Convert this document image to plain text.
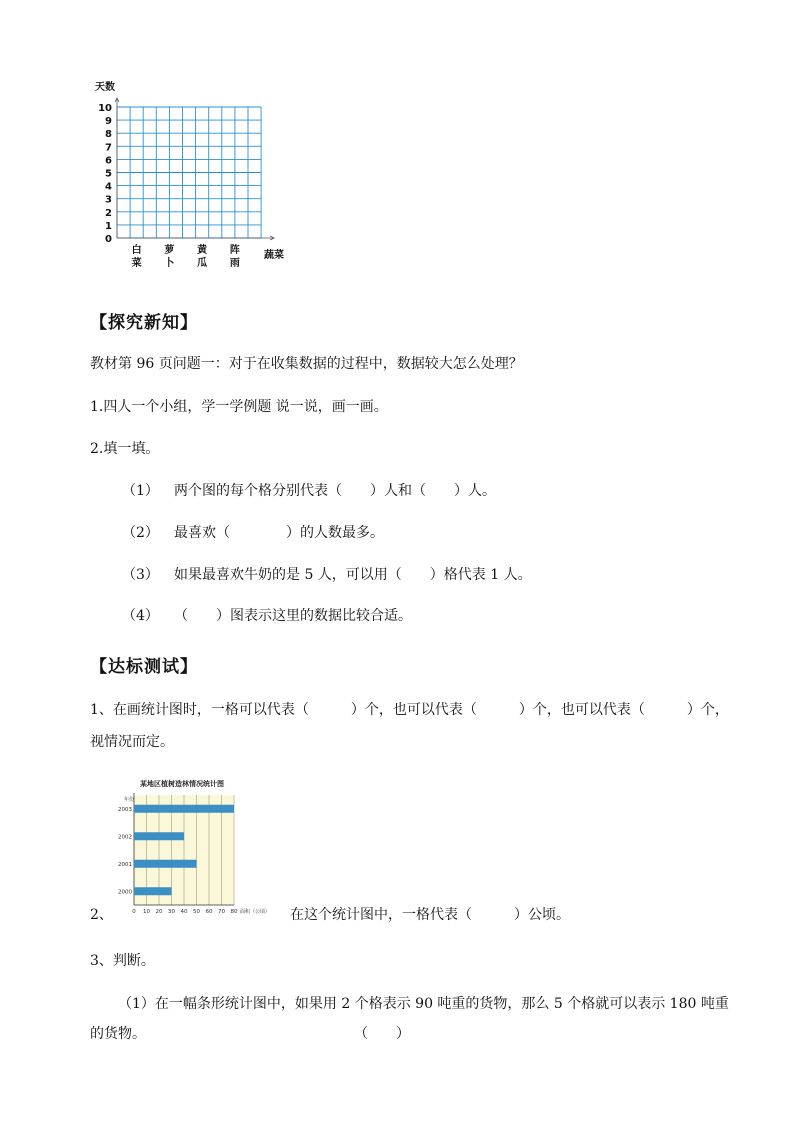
天数
0
1
2
3
4
5
6
7
8
9
10
白
菜
萝
卜
黄
瓜
阵
雨
蔬菜
【探究新知】
教材第 96 页问题一：对于在收集数据的过程中，数据较大怎么处理？
1.四人一个小组，学一学例题 说一说，画一画。
2.填一填。
（1） 两个图的每个格分别代表（　　）人和（　　）人。
（2） 最喜欢（　　　　）的人数最多。
（3） 如果最喜欢牛奶的是 5 人，可以用（　　）格代表 1 人。
（4） （　　）图表示这里的数据比较合适。
【达标测试】
1、在画统计图时，一格可以代表（　　　）个，也可以代表（　　　）个，也可以代表（　　　）个，
视情况而定。
某地区植树造林情况统计图
年份
2000
2001
2002
2003
0 10 20 30 40 50 60 70 80 面积（公顷）
2、	在这个统计图中，一格代表（　　　）公顷。
3、判断。
（1）在一幅条形统计图中，如果用 2 个格表示 90 吨重的货物，那么 5 个格就可以表示 180 吨重
的货物。	（　　）
